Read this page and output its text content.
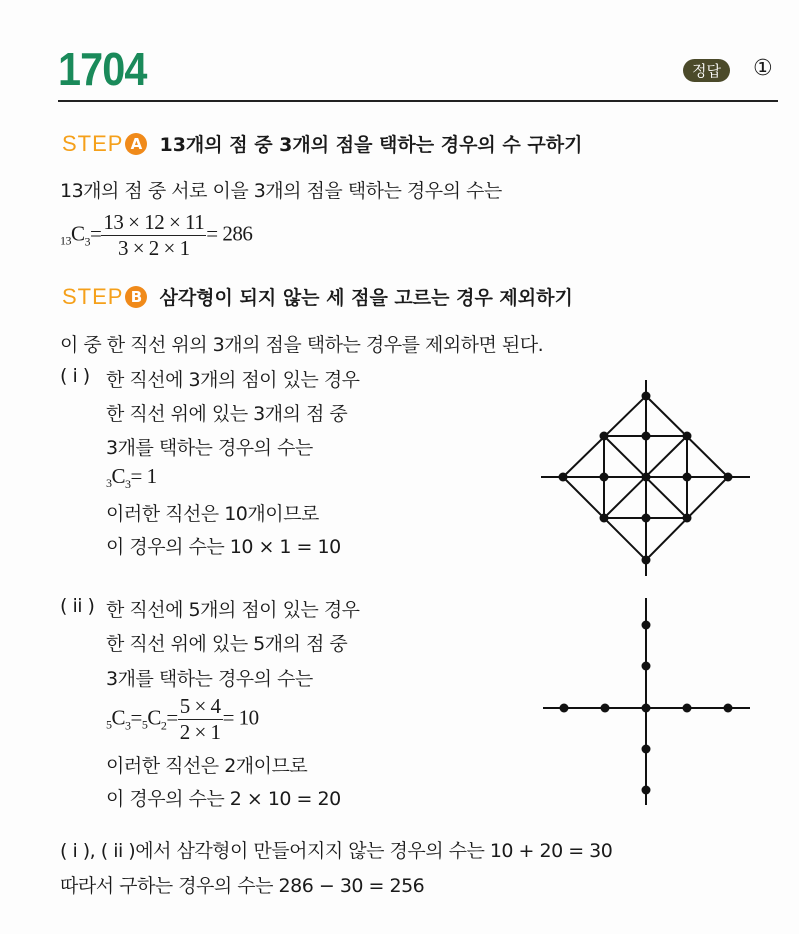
1704	정답	①
STEP A 13개의 점 중 3개의 점을 택하는 경우의 수 구하기
13개의 점 중 서로 이을 3개의 점을 택하는 경우의 수는
$_{13}C_3= \frac{13 \times 12 \times 11}{3 \times 2 \times 1} = 286$
STEP B 삼각형이 되지 않는 세 점을 고르는 경우 제외하기
이 중 한 직선 위의 3개의 점을 택하는 경우를 제외하면 된다.
( i ) 한 직선에 3개의 점이 있는 경우
한 직선 위에 있는 3개의 점 중
3개를 택하는 경우의 수는
$_3C_3= 1$
이러한 직선은 10개이므로
이 경우의 수는 10 × 1 = 10
( ii ) 한 직선에 5개의 점이 있는 경우
한 직선 위에 있는 5개의 점 중
3개를 택하는 경우의 수는
$_5C_3=_5C_2= \frac{5 \times 4}{2 \times 1} = 10$
이러한 직선은 2개이므로
이 경우의 수는 2 × 10 = 20
( i ), ( ii )에서 삼각형이 만들어지지 않는 경우의 수는 10 + 20 = 30
따라서 구하는 경우의 수는 286 − 30 = 256
